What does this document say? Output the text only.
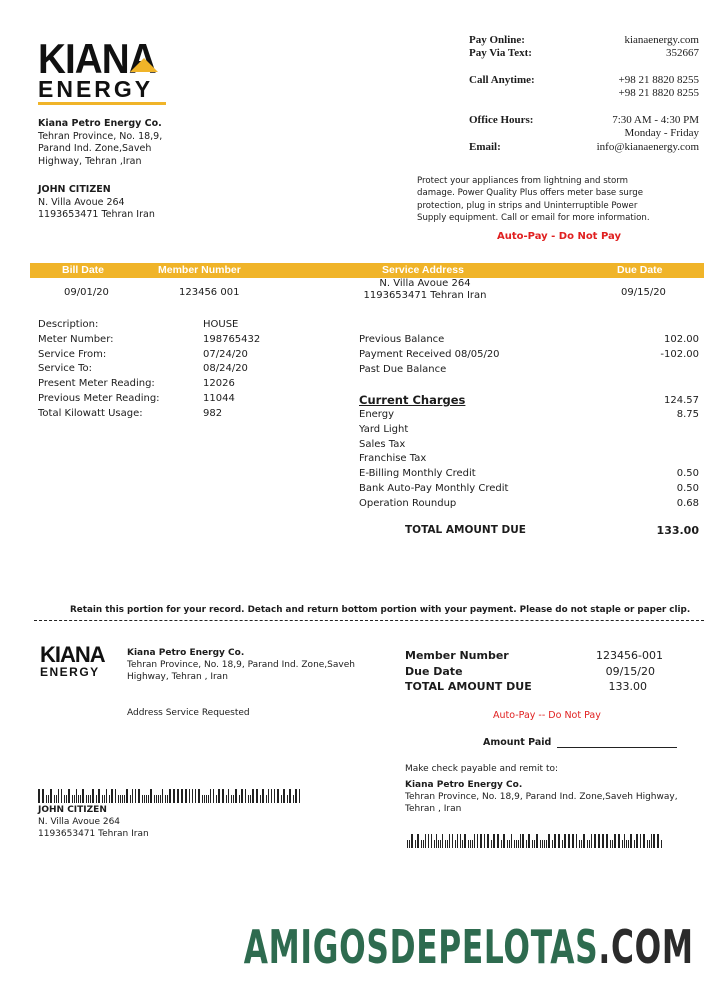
KIANA
ENERGY
Kiana Petro Energy Co.
Tehran Province, No. 18,9,
Parand Ind. Zone,Saveh
Highway, Tehran ,Iran
JOHN CITIZEN
N. Villa Avoue 264
1193653471 Tehran Iran
Pay Online:	kianaenergy.com
Pay Via Text:	352667
Call Anytime:	+98 21 8820 8255
+98 21 8820 8255
Office Hours:	7:30 AM - 4:30 PM
Monday - Friday
Email:	info@kianaenergy.com
Protect your appliances from lightning and storm
damage. Power Quality Plus offers meter base surge
protection, plug in strips and Uninterruptible Power
Supply equipment. Call or email for more information.
Auto-Pay - Do Not Pay
Bill Date	Member Number	Service Address	Due Date
09/01/20	123456 001
N. Villa Avoue 264
1193653471 Tehran Iran	09/15/20
Description:	HOUSE
Meter Number:	198765432
Service From:	07/24/20
Service To:	08/24/20
Present Meter Reading:	12026
Previous Meter Reading:	11044
Total Kilowatt Usage:	982
Previous Balance	102.00
Payment Received 08/05/20	-102.00
Past Due Balance
Current Charges	124.57
Energy	8.75
Yard Light
Sales Tax
Franchise Tax
E-Billing Monthly Credit	0.50
Bank Auto-Pay Monthly Credit	0.50
Operation Roundup	0.68
TOTAL AMOUNT DUE	133.00
Retain this portion for your record. Detach and return bottom portion with your payment. Please do not staple or paper clip.
KIANA
ENERGY
Kiana Petro Energy Co.
Tehran Province, No. 18,9, Parand Ind. Zone,Saveh
Highway, Tehran , Iran
Address Service Requested
Member Number	123456-001
Due Date	09/15/20
TOTAL AMOUNT DUE	133.00
Auto-Pay -- Do Not Pay
Amount Paid
Make check payable and remit to:
Kiana Petro Energy Co.
Tehran Province, No. 18,9, Parand Ind. Zone,Saveh Highway,
Tehran , Iran
JOHN CITIZEN
N. Villa Avoue 264
1193653471 Tehran Iran
AMIGOSDEPELOTAS.COM
